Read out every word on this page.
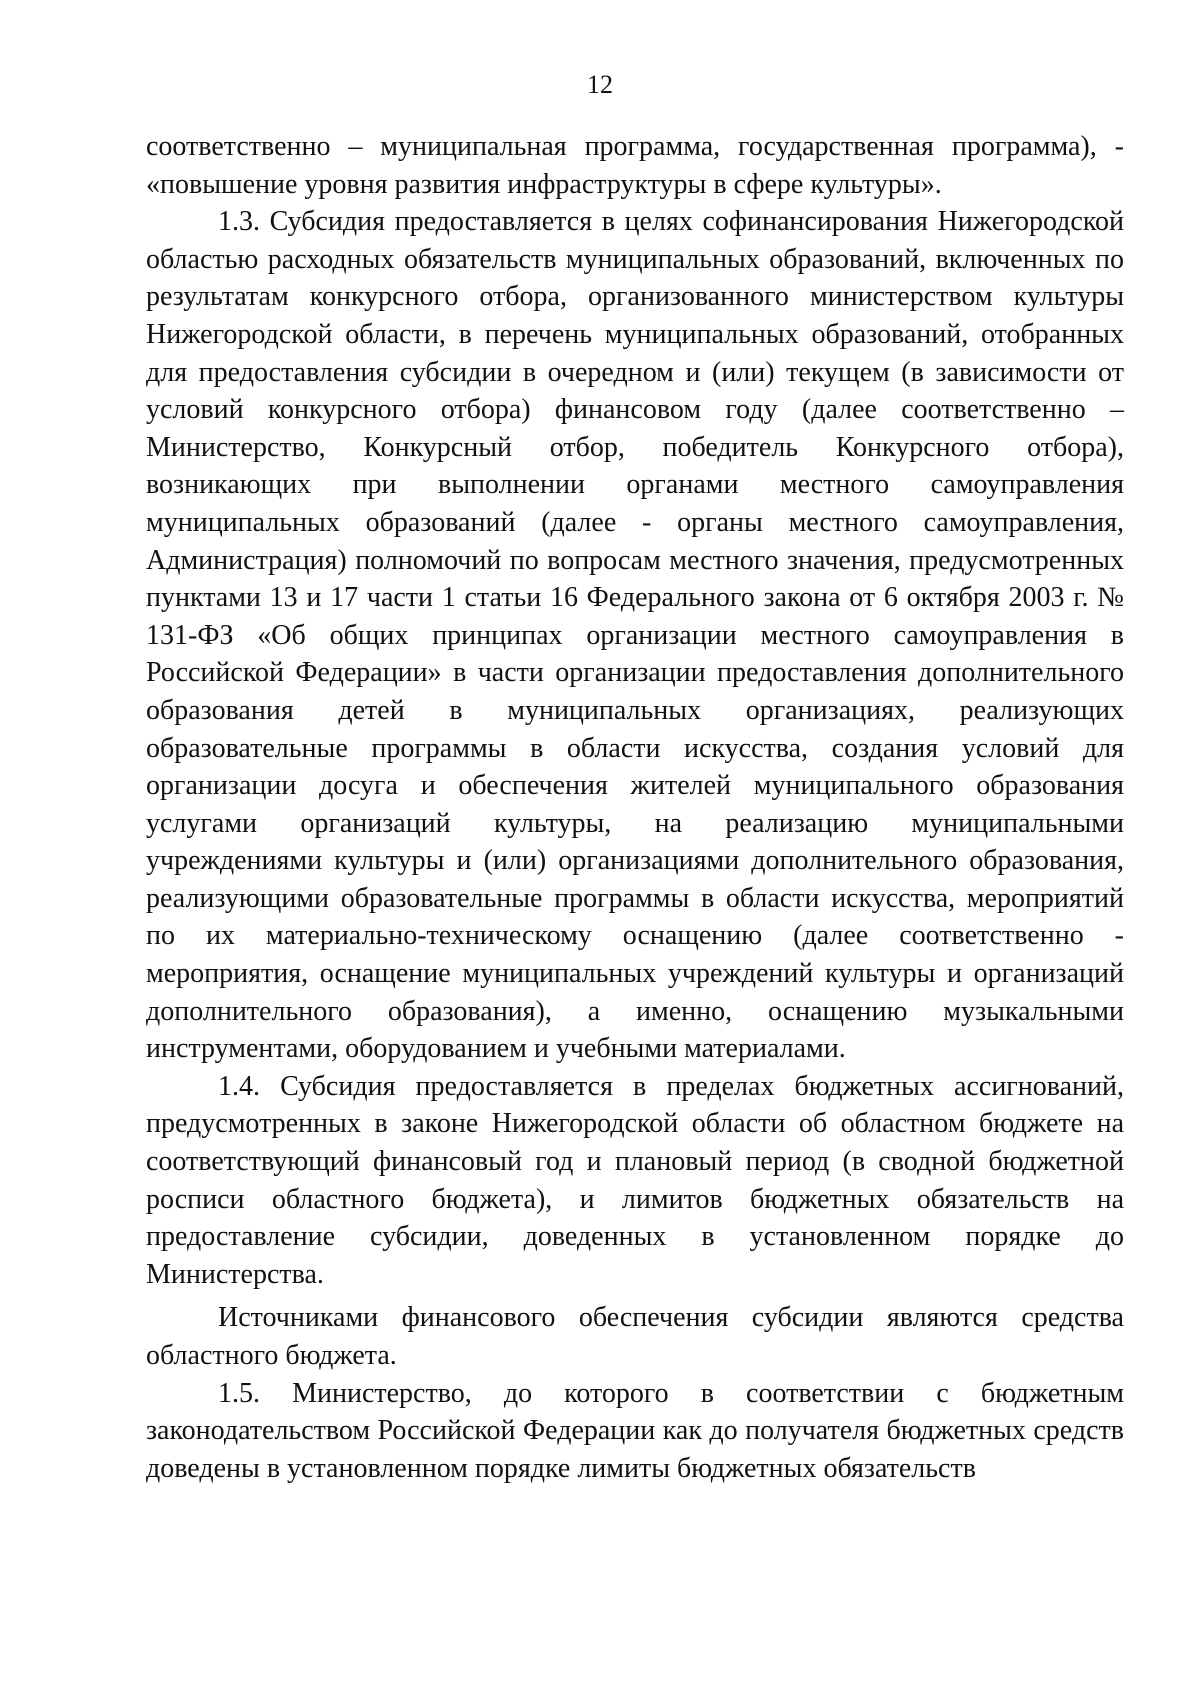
12

соответственно – муниципальная программа, государственная программа), - «повышение уровня развития инфраструктуры в сфере культуры».

1.3. Субсидия предоставляется в целях софинансирования Нижегородской областью расходных обязательств муниципальных образований, включенных по результатам конкурсного отбора, организованного министерством культуры Нижегородской области, в перечень муниципальных образований, отобранных для предоставления субсидии в очередном и (или) текущем (в зависимости от условий конкурсного отбора) финансовом году (далее соответственно – Министерство, Конкурсный отбор, победитель Конкурсного отбора), возникающих при выполнении органами местного самоуправления муниципальных образований (далее - органы местного самоуправления, Администрация) полномочий по вопросам местного значения, предусмотренных пунктами 13 и 17 части 1 статьи 16 Федерального закона от 6 октября 2003 г. № 131-ФЗ «Об общих принципах организации местного самоуправления в Российской Федерации» в части организации предоставления дополнительного образования детей в муниципальных организациях, реализующих образовательные программы в области искусства, создания условий для организации досуга и обеспечения жителей муниципального образования услугами организаций культуры, на реализацию муниципальными учреждениями культуры и (или) организациями дополнительного образования, реализующими образовательные программы в области искусства, мероприятий по их материально-техническому оснащению (далее соответственно - мероприятия, оснащение муниципальных учреждений культуры и организаций дополнительного образования), а именно, оснащению музыкальными инструментами, оборудованием и учебными материалами.

1.4. Субсидия предоставляется в пределах бюджетных ассигнований, предусмотренных в законе Нижегородской области об областном бюджете на соответствующий финансовый год и плановый период (в сводной бюджетной росписи областного бюджета), и лимитов бюджетных обязательств на предоставление субсидии, доведенных в установленном порядке до Министерства.

Источниками финансового обеспечения субсидии являются средства областного бюджета.

1.5. Министерство, до которого в соответствии с бюджетным законодательством Российской Федерации как до получателя бюджетных средств доведены в установленном порядке лимиты бюджетных обязательств
